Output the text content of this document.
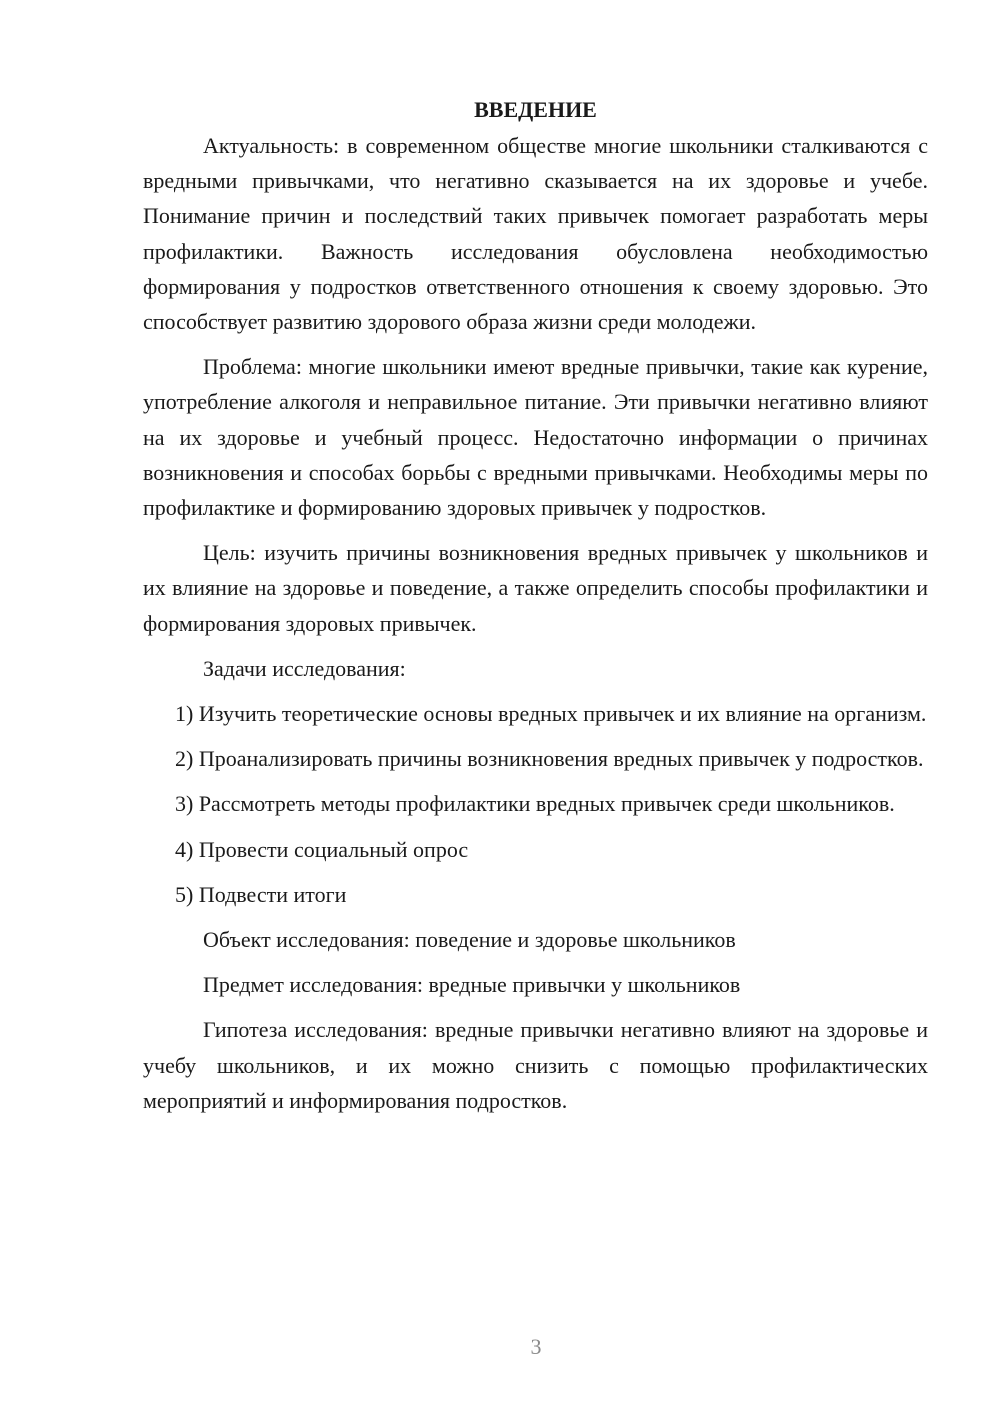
ВВЕДЕНИЕ

Актуальность: в современном обществе многие школьники сталкиваются с вредными привычками, что негативно сказывается на их здоровье и учебе. Понимание причин и последствий таких привычек помогает разработать меры профилактики. Важность исследования обусловлена необходимостью формирования у подростков ответственного отношения к своему здоровью. Это способствует развитию здорового образа жизни среди молодежи.

Проблема: многие школьники имеют вредные привычки, такие как курение, употребление алкоголя и неправильное питание. Эти привычки негативно влияют на их здоровье и учебный процесс. Недостаточно информации о причинах возникновения и способах борьбы с вредными привычками. Необходимы меры по профилактике и формированию здоровых привычек у подростков.

Цель: изучить причины возникновения вредных привычек у школьников и их влияние на здоровье и поведение, а также определить способы профилактики и формирования здоровых привычек.

Задачи исследования:

1) Изучить теоретические основы вредных привычек и их влияние на организм.

2) Проанализировать причины возникновения вредных привычек у подростков.

3) Рассмотреть методы профилактики вредных привычек среди школьников.

4) Провести социальный опрос

5) Подвести итоги

Объект исследования: поведение и здоровье школьников

Предмет исследования: вредные привычки у школьников

Гипотеза исследования: вредные привычки негативно влияют на здоровье и учебу школьников, и их можно снизить с помощью профилактических мероприятий и информирования подростков.

3
